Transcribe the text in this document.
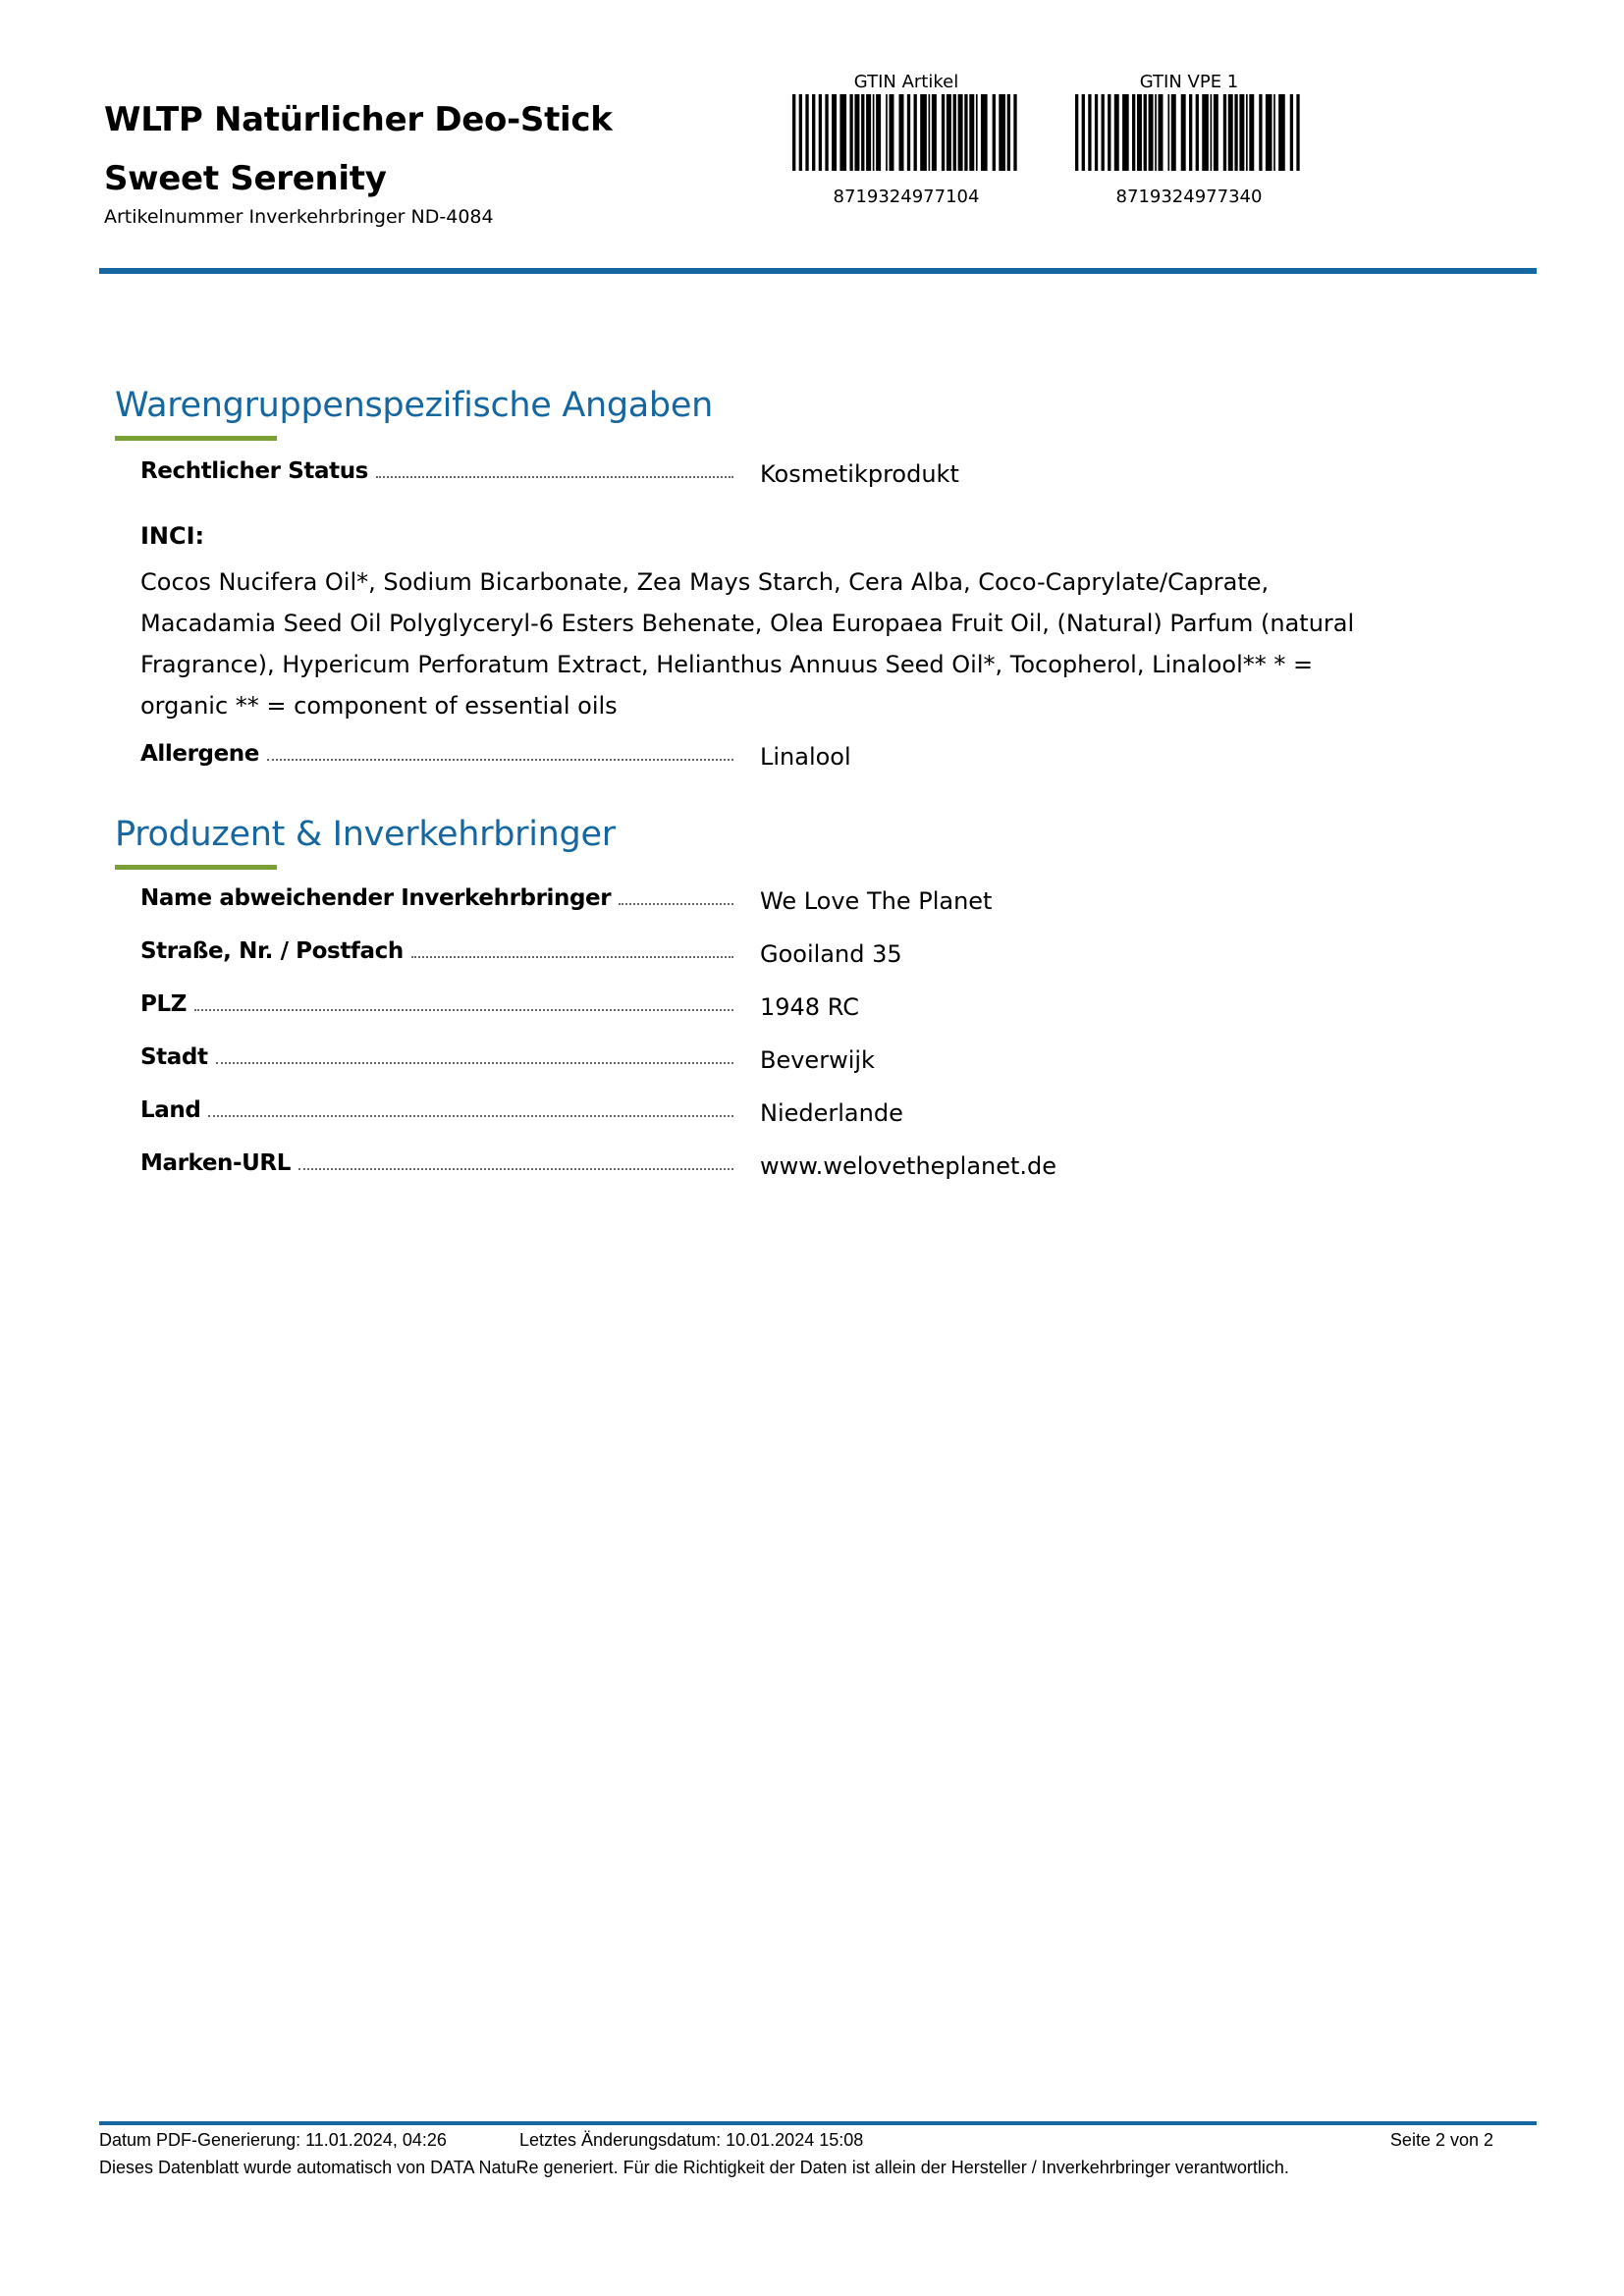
WLTP Natürlicher Deo-Stick Sweet Serenity
Artikelnummer Inverkehrbringer ND-4084
GTIN Artikel
8719324977104
GTIN VPE 1
8719324977340
Warengruppenspezifische Angaben
Rechtlicher Status	Kosmetikprodukt
INCI:
Cocos Nucifera Oil*, Sodium Bicarbonate, Zea Mays Starch, Cera Alba, Coco-Caprylate/Caprate, Macadamia Seed Oil Polyglyceryl-6 Esters Behenate, Olea Europaea Fruit Oil, (Natural) Parfum (natural Fragrance), Hypericum Perforatum Extract, Helianthus Annuus Seed Oil*, Tocopherol, Linalool** * = organic ** = component of essential oils
Allergene	Linalool
Produzent & Inverkehrbringer
Name abweichender Inverkehrbringer	We Love The Planet
Straße, Nr. / Postfach	Gooiland 35
PLZ	1948 RC
Stadt	Beverwijk
Land	Niederlande
Marken-URL	www.welovetheplanet.de
Datum PDF-Generierung: 11.01.2024, 04:26	Letztes Änderungsdatum: 10.01.2024 15:08	Seite 2 von 2
Dieses Datenblatt wurde automatisch von DATA NatuRe generiert. Für die Richtigkeit der Daten ist allein der Hersteller / Inverkehrbringer verantwortlich.
